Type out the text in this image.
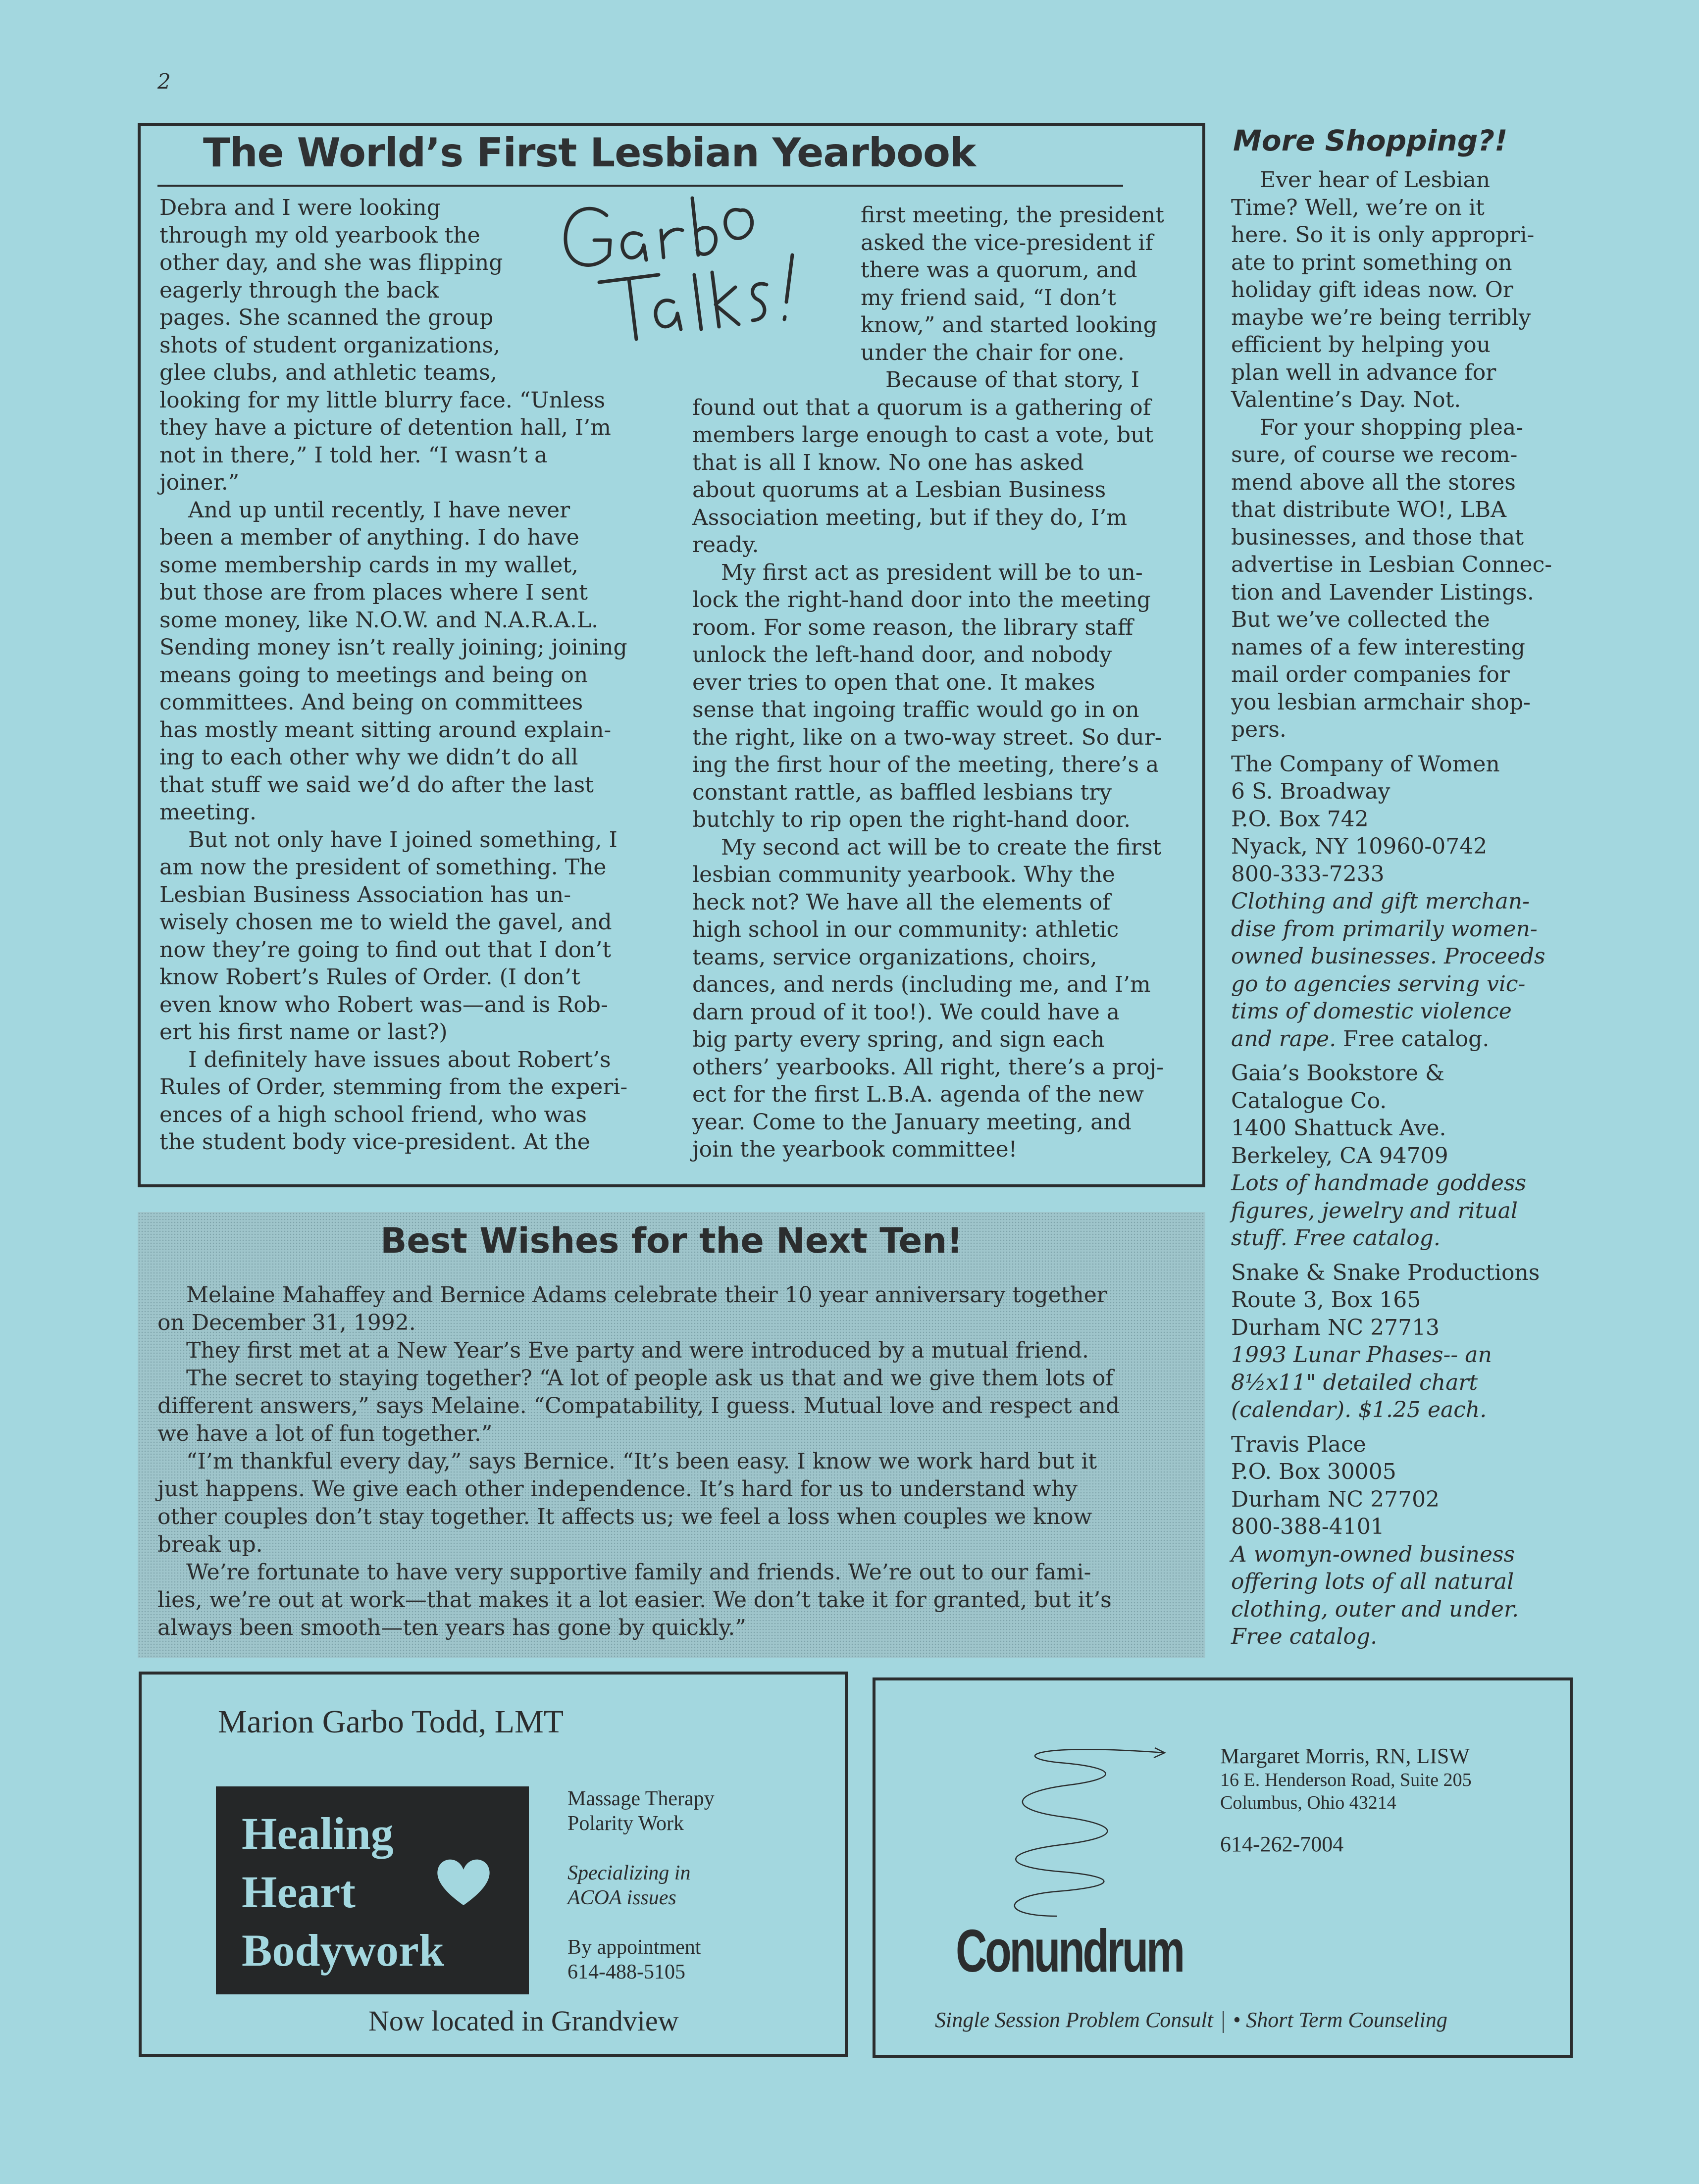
2
The World’s First Lesbian Yearbook

Debra and I were looking

through my old yearbook the

other day, and she was flipping

eagerly through the back

pages. She scanned the group

shots of student organizations,

glee clubs, and athletic teams,

looking for my little blurry face. “Unless

they have a picture of detention hall, I’m

not in there,” I told her. “I wasn’t a

joiner.”

And up until recently, I have never

been a member of anything. I do have

some membership cards in my wallet,

but those are from places where I sent

some money, like N.O.W. and N.A.R.A.L.

Sending money isn’t really joining; joining

means going to meetings and being on

committees. And being on committees

has mostly meant sitting around explain-

ing to each other why we didn’t do all

that stuff we said we’d do after the last

meeting.

But not only have I joined something, I

am now the president of something. The

Lesbian Business Association has un-

wisely chosen me to wield the gavel, and

now they’re going to find out that I don’t

know Robert’s Rules of Order. (I don’t

even know who Robert was—and is Rob-

ert his first name or last?)

I definitely have issues about Robert’s

Rules of Order, stemming from the experi-

ences of a high school friend, who was

the student body vice-president. At the

first meeting, the president

asked the vice-president if

there was a quorum, and

my friend said, “I don’t

know,” and started looking

under the chair for one.

Because of that story, I

found out that a quorum is a gathering of

members large enough to cast a vote, but

that is all I know. No one has asked

about quorums at a Lesbian Business

Association meeting, but if they do, I’m

ready.

My first act as president will be to un-

lock the right-hand door into the meeting

room. For some reason, the library staff

unlock the left-hand door, and nobody

ever tries to open that one. It makes

sense that ingoing traffic would go in on

the right, like on a two-way street. So dur-

ing the first hour of the meeting, there’s a

constant rattle, as baffled lesbians try

butchly to rip open the right-hand door.

My second act will be to create the first

lesbian community yearbook. Why the

heck not? We have all the elements of

high school in our community: athletic

teams, service organizations, choirs,

dances, and nerds (including me, and I’m

darn proud of it too!). We could have a

big party every spring, and sign each

others’ yearbooks. All right, there’s a proj-

ect for the first L.B.A. agenda of the new

year. Come to the January meeting, and

join the yearbook committee!

More Shopping?!

Ever hear of Lesbian

Time? Well, we’re on it

here. So it is only appropri-

ate to print something on

holiday gift ideas now. Or

maybe we’re being terribly

efficient by helping you

plan well in advance for

Valentine’s Day. Not.

For your shopping plea-

sure, of course we recom-

mend above all the stores

that distribute WO!, LBA

businesses, and those that

advertise in Lesbian Connec-

tion and Lavender Listings.

But we’ve collected the

names of a few interesting

mail order companies for

you lesbian armchair shop-

pers.

The Company of Women

6 S. Broadway

P.O. Box 742

Nyack, NY 10960-0742

800-333-7233

Clothing and gift merchan-

dise from primarily women-

owned businesses. Proceeds

go to agencies serving vic-

tims of domestic violence

and rape. Free catalog.

Gaia’s Bookstore &

Catalogue Co.

1400 Shattuck Ave.

Berkeley, CA 94709

Lots of handmade goddess

figures, jewelry and ritual

stuff. Free catalog.

Snake & Snake Productions

Route 3, Box 165

Durham NC 27713

1993 Lunar Phases-- an

8½x11" detailed chart

(calendar). $1.25 each.

Travis Place

P.O. Box 30005

Durham NC 27702

800-388-4101

A womyn-owned business

offering lots of all natural

clothing, outer and under.

Free catalog.

Best Wishes for the Next Ten!

Melaine Mahaffey and Bernice Adams celebrate their 10 year anniversary together

on December 31, 1992.

They first met at a New Year’s Eve party and were introduced by a mutual friend.

The secret to staying together? “A lot of people ask us that and we give them lots of

different answers,” says Melaine. “Compatability, I guess. Mutual love and respect and

we have a lot of fun together.”

“I’m thankful every day,” says Bernice. “It’s been easy. I know we work hard but it

just happens. We give each other independence. It’s hard for us to understand why

other couples don’t stay together. It affects us; we feel a loss when couples we know

break up.

We’re fortunate to have very supportive family and friends. We’re out to our fami-

lies, we’re out at work—that makes it a lot easier. We don’t take it for granted, but it’s

always been smooth—ten years has gone by quickly.”

Marion Garbo Todd, LMT
Healing
Heart
Bodywork

Massage Therapy

Polarity Work

Specializing in

ACOA issues

By appointment

614-488-5105

Now located in Grandview

Margaret Morris, RN, LISW

16 E. Henderson Road, Suite 205

Columbus, Ohio 43214

614-262-7004

Conundrum
Single Session Problem Consult • Short Term Counseling
